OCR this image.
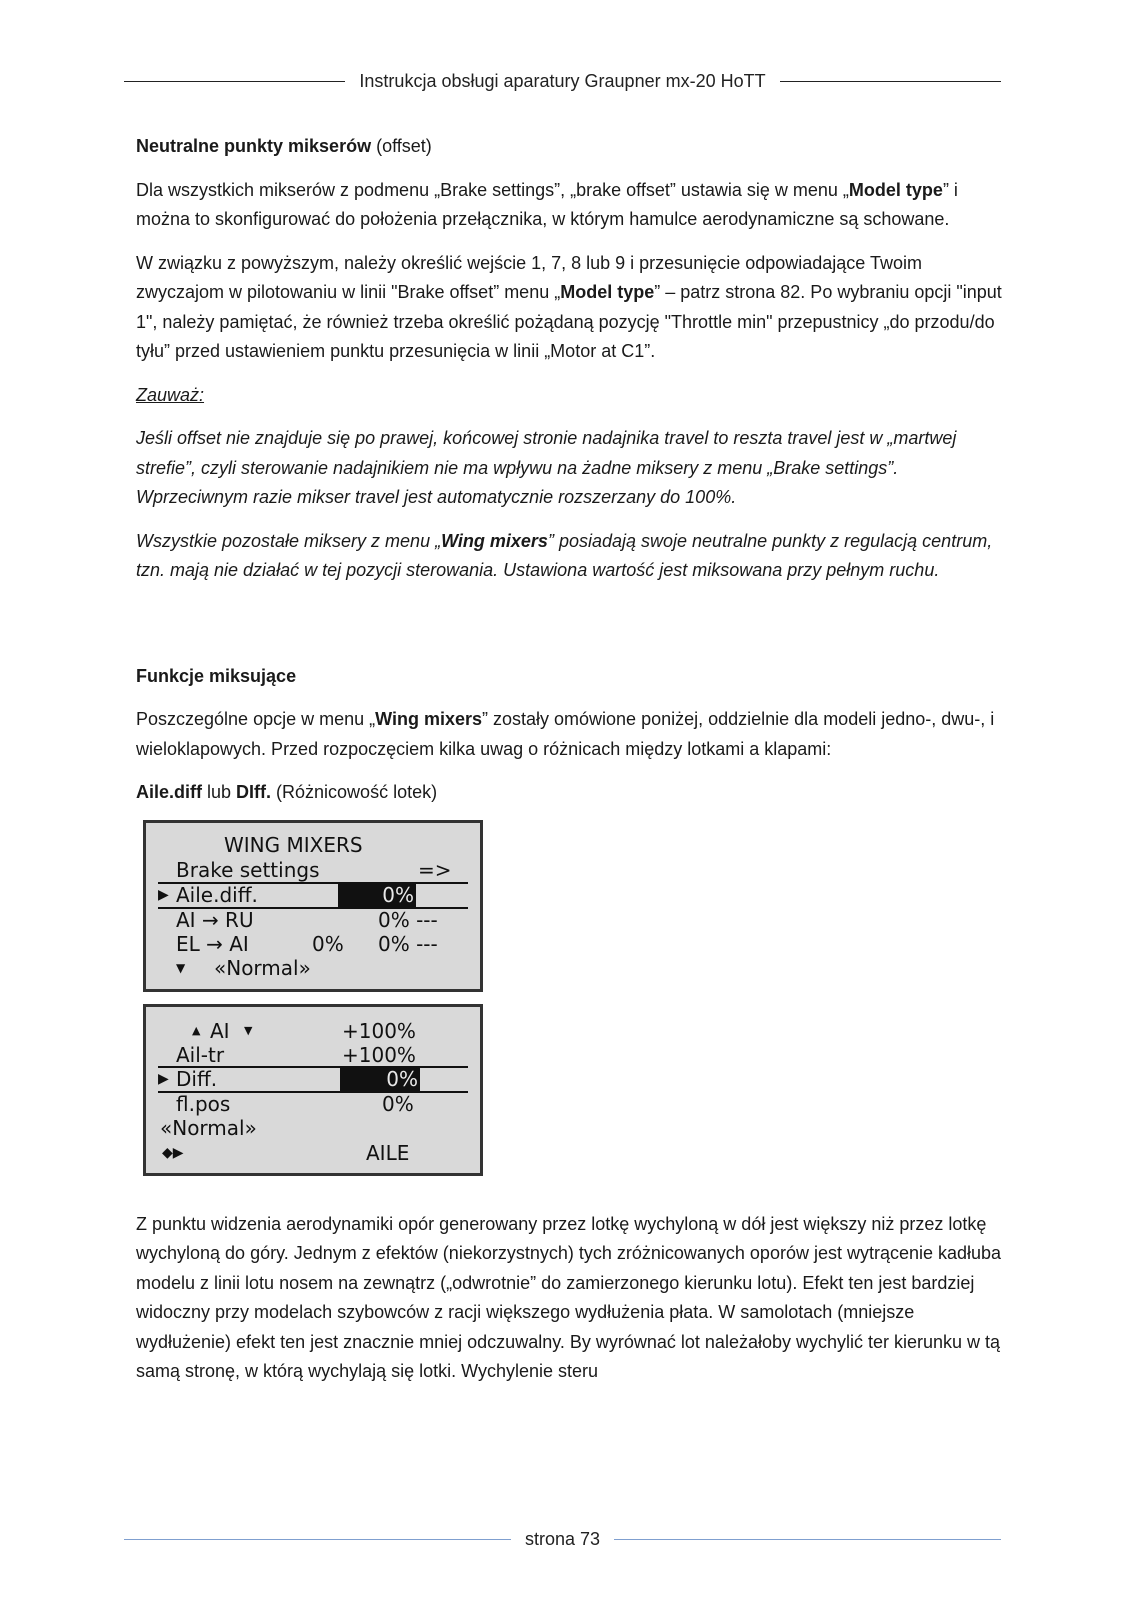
Instrukcja obsługi aparatury Graupner mx-20 HoTT

Neutralne punkty mikserów (offset)

Dla wszystkich mikserów z podmenu „Brake settings”, „brake offset” ustawia się w menu „Model type” i można to skonfigurować do położenia przełącznika, w którym hamulce aerodynamiczne są schowane.

W związku z powyższym, należy określić wejście 1, 7, 8 lub 9 i przesunięcie odpowiadające Twoim zwyczajom w pilotowaniu w linii "Brake offset” menu „Model type” – patrz strona 82. Po wybraniu opcji "input 1", należy pamiętać, że również trzeba określić pożądaną pozycję "Throttle min" przepustnicy „do przodu/do tyłu” przed ustawieniem punktu przesunięcia w linii „Motor at C1”.

Zauważ:

Jeśli offset nie znajduje się po prawej, końcowej stronie nadajnika travel to reszta travel jest w „martwej strefie”, czyli sterowanie nadajnikiem nie ma wpływu na żadne miksery z menu „Brake settings”. Wprzeciwnym razie mikser travel jest automatycznie rozszerzany do 100%.

Wszystkie pozostałe miksery z menu „Wing mixers” posiadają swoje neutralne punkty z regulacją centrum, tzn. mają nie działać w tej pozycji sterowania. Ustawiona wartość jest miksowana przy pełnym ruchu.

Funkcje miksujące

Poszczególne opcje w menu „Wing mixers” zostały omówione poniżej, oddzielnie dla modeli jedno-, dwu-, i wieloklapowych. Przed rozpoczęciem kilka uwag o różnicach między lotkami a klapami:

Aile.diff lub DIff. (Różnicowość lotek)

WING MIXERS
Brake settings	=>
▶ Aile.diff.	0%
AI → RU	0% ---
EL → AI	0% 0% ---
▼ «Normal»
▲ AI ▼	+100%
Ail-tr	+100%
▶ Diff.	0%
fl.pos	0%
«Normal»
◆▶	AILE

Z punktu widzenia aerodynamiki opór generowany przez lotkę wychyloną w dół jest większy niż przez lotkę wychyloną do góry. Jednym z efektów (niekorzystnych) tych zróżnicowanych oporów jest wytrącenie kadłuba modelu z linii lotu nosem na zewnątrz („odwrotnie” do zamierzonego kierunku lotu). Efekt ten jest bardziej widoczny przy modelach szybowców z racji większego wydłużenia płata. W samolotach (mniejsze wydłużenie) efekt ten jest znacznie mniej odczuwalny. By wyrównać lot należałoby wychylić ter kierunku w tą samą stronę, w którą wychylają się lotki. Wychylenie steru

strona 73
